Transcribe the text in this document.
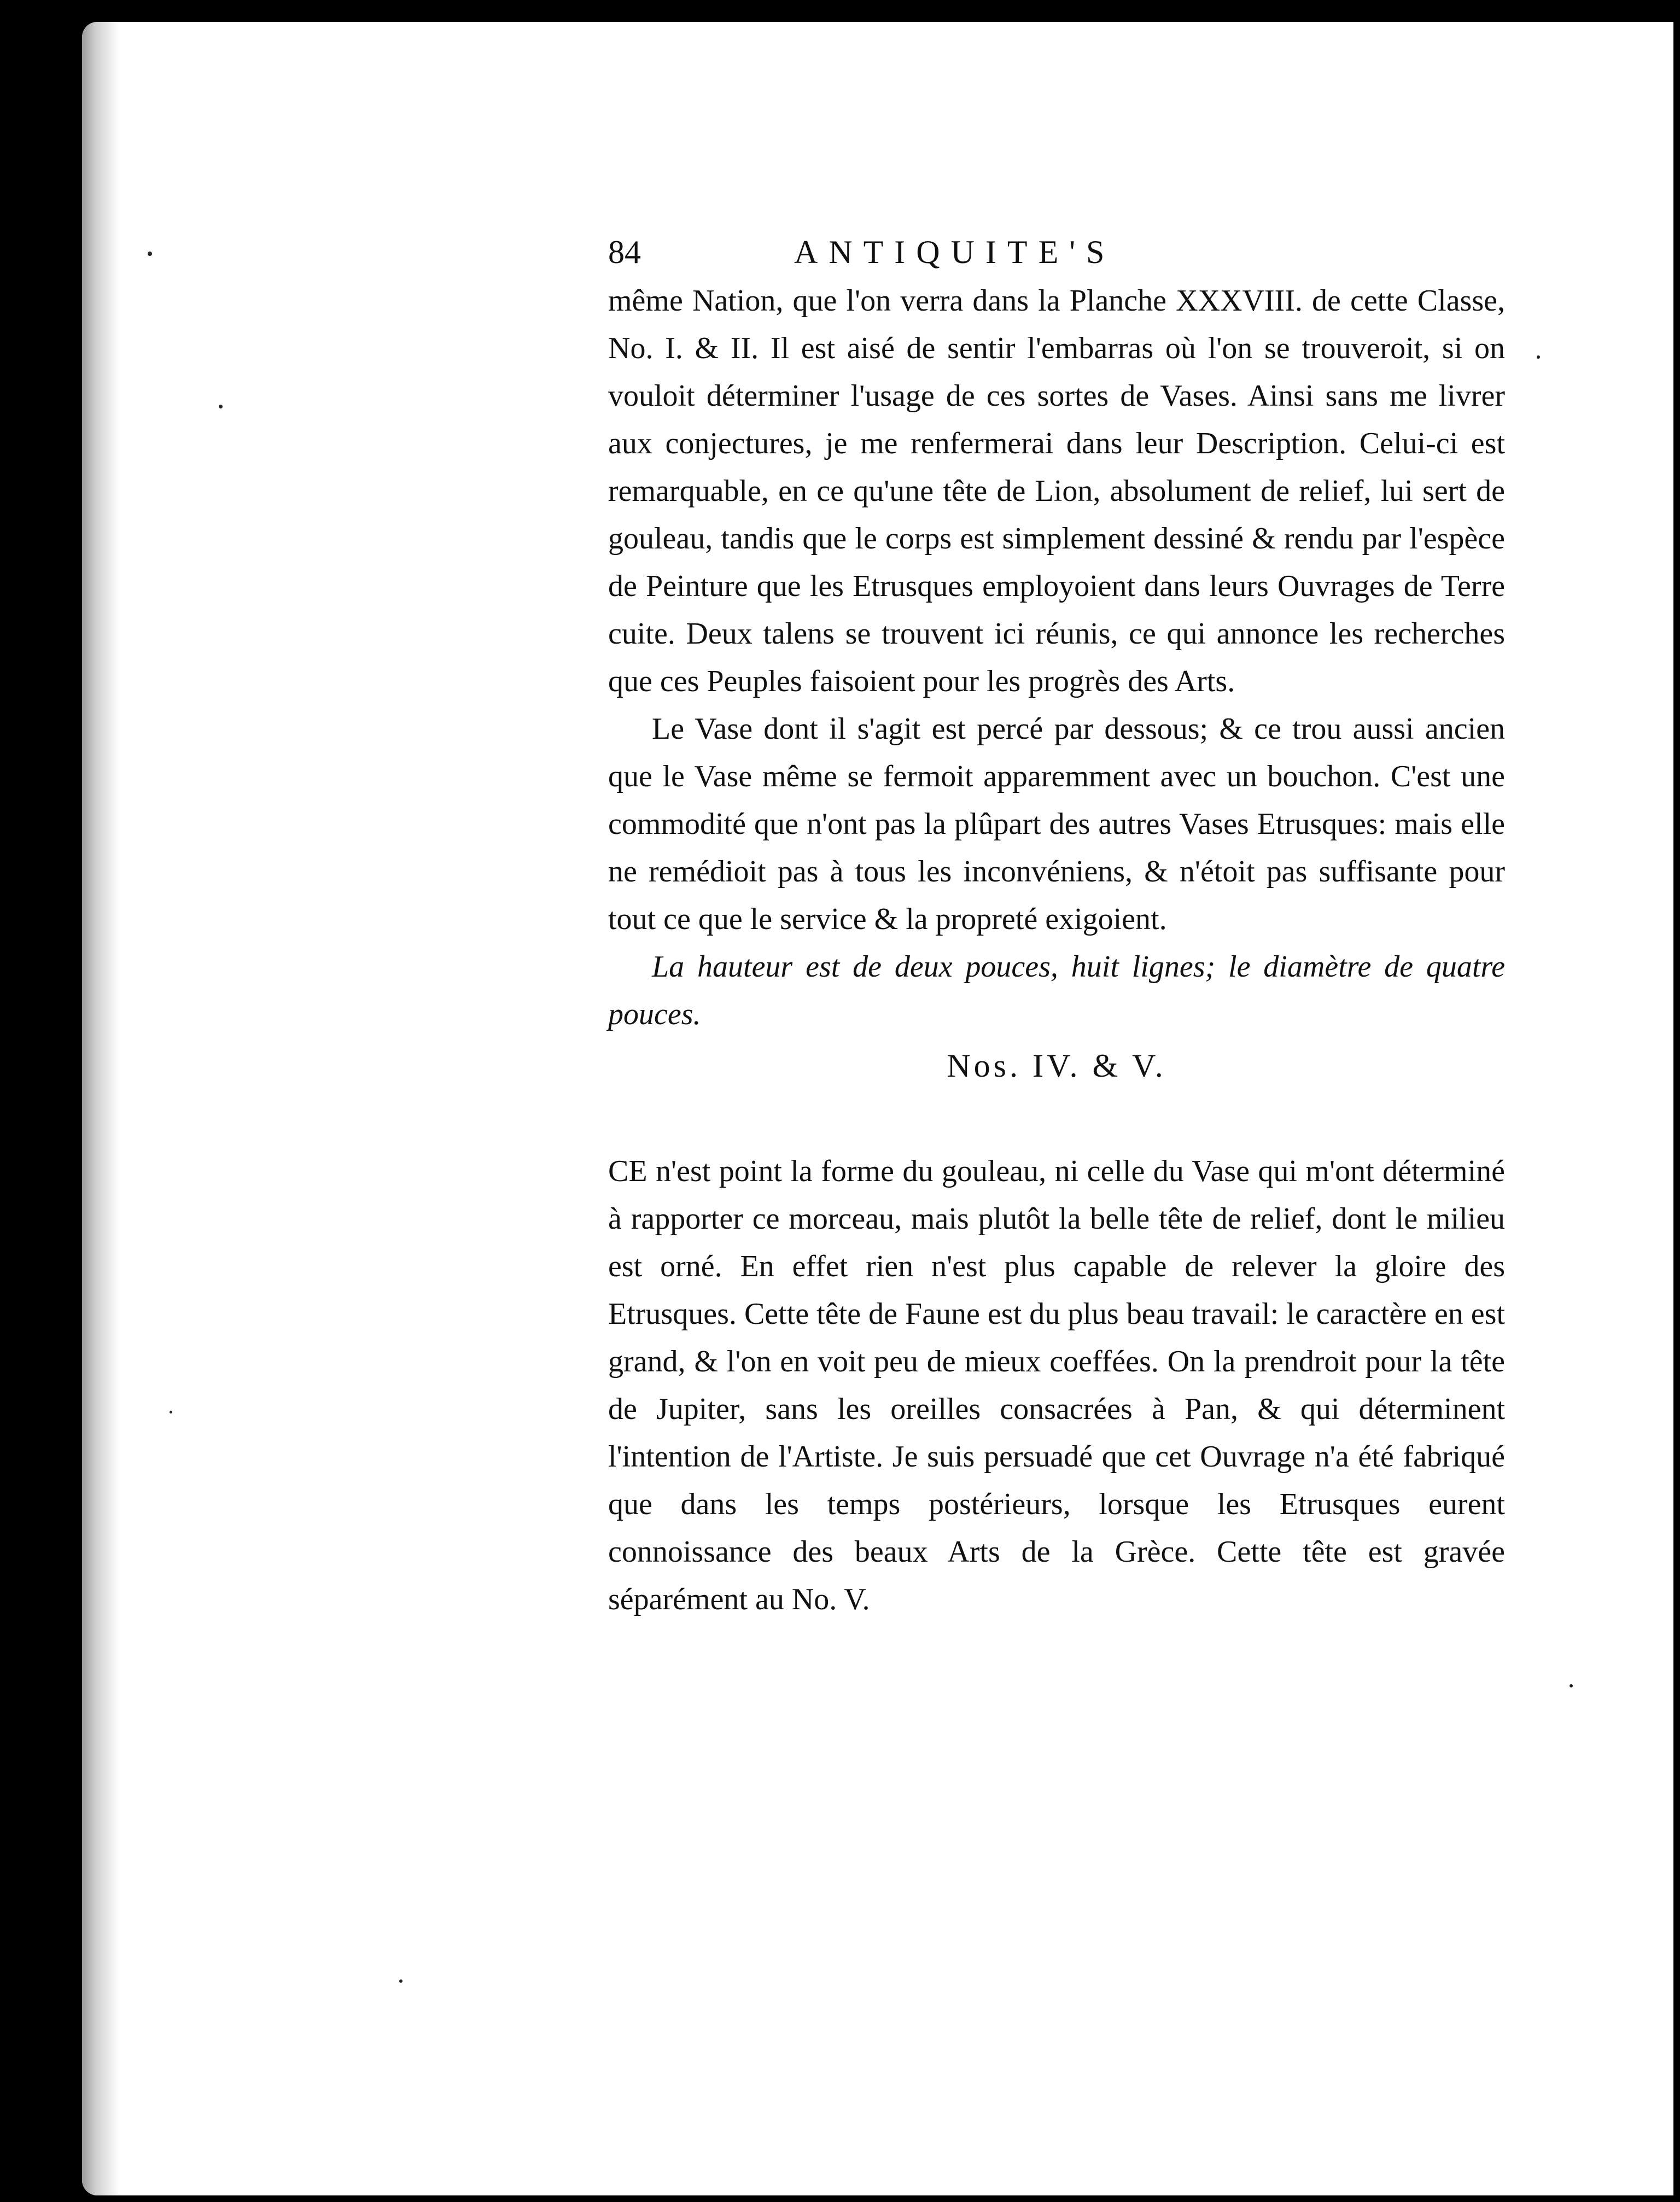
84	ANTIQUITE'S

même Nation, que l'on verra dans la Planche XXXVIII. de cette Classe, No. I. & II. Il est aisé de sentir l'embarras où l'on se trouveroit, si on vouloit déterminer l'usage de ces sortes de Vases. Ainsi sans me livrer aux conjectures, je me renfermerai dans leur Description. Celui-ci est remarquable, en ce qu'une tête de Lion, absolument de relief, lui sert de gouleau, tandis que le corps est simplement dessiné & rendu par l'espèce de Peinture que les Etrusques employoient dans leurs Ouvrages de Terre cuite. Deux talens se trouvent ici réunis, ce qui annonce les recherches que ces Peuples faisoient pour les progrès des Arts.

Le Vase dont il s'agit est percé par dessous; & ce trou aussi ancien que le Vase même se fermoit apparemment avec un bouchon. C'est une commodité que n'ont pas la plûpart des autres Vases Etrusques: mais elle ne remédioit pas à tous les inconvéniens, & n'étoit pas suffisante pour tout ce que le service & la propreté exigoient.

La hauteur est de deux pouces, huit lignes; le diamètre de quatre pouces.

Nos. IV. & V.

CE n'est point la forme du gouleau, ni celle du Vase qui m'ont déterminé à rapporter ce morceau, mais plutôt la belle tête de relief, dont le milieu est orné. En effet rien n'est plus capable de relever la gloire des Etrusques. Cette tête de Faune est du plus beau travail: le caractère en est grand, & l'on en voit peu de mieux coeffées. On la prendroit pour la tête de Jupiter, sans les oreilles consacrées à Pan, & qui déterminent l'intention de l'Artiste. Je suis persuadé que cet Ouvrage n'a été fabriqué que dans les temps postérieurs, lorsque les Etrusques eurent connoissance des beaux Arts de la Grèce. Cette tête est gravée séparément au No. V.
